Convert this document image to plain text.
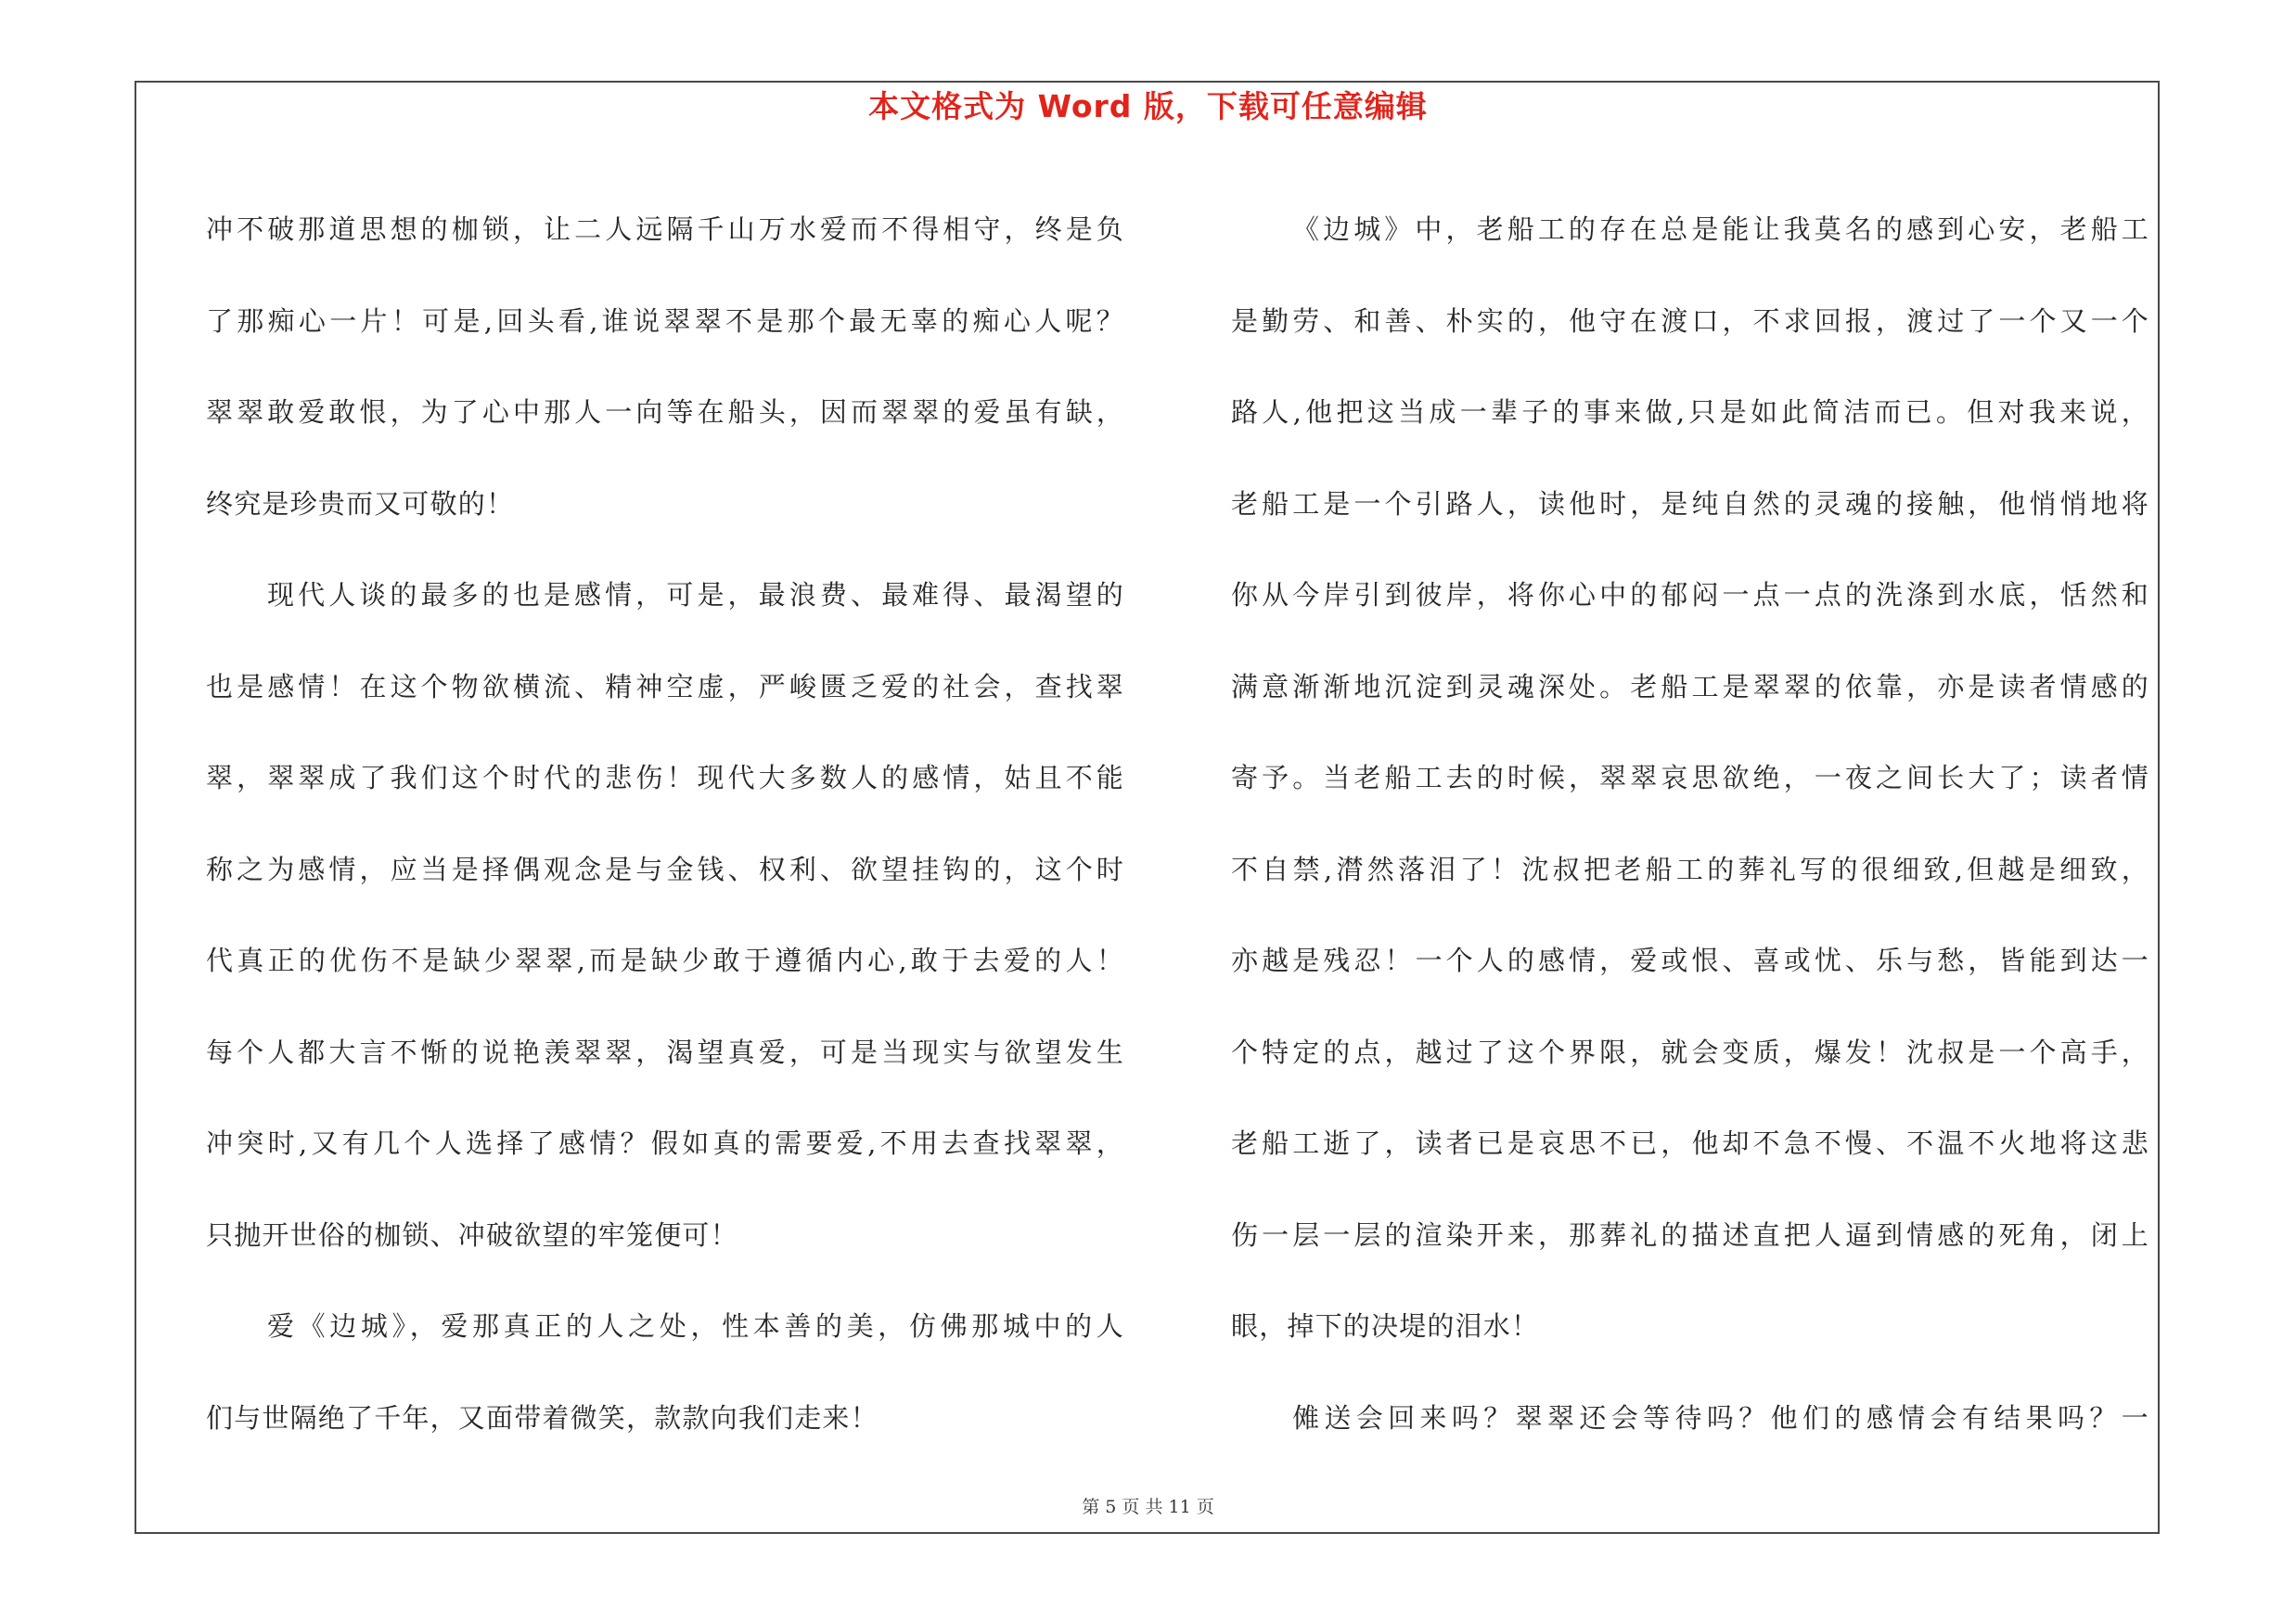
本文格式为 Word 版，下载可任意编辑
冲不破那道思想的枷锁，让二人远隔千山万水爱而不得相守，终是负
了那痴心一片！可是,回头看,谁说翠翠不是那个最无辜的痴心人呢？
翠翠敢爱敢恨，为了心中那人一向等在船头，因而翠翠的爱虽有缺，
终究是珍贵而又可敬的！
现代人谈的最多的也是感情，可是，最浪费、最难得、最渴望的
也是感情！在这个物欲横流、精神空虚，严峻匮乏爱的社会，查找翠
翠，翠翠成了我们这个时代的悲伤！现代大多数人的感情，姑且不能
称之为感情，应当是择偶观念是与金钱、权利、欲望挂钩的，这个时
代真正的优伤不是缺少翠翠,而是缺少敢于遵循内心,敢于去爱的人！
每个人都大言不惭的说艳羡翠翠，渴望真爱，可是当现实与欲望发生
冲突时,又有几个人选择了感情？假如真的需要爱,不用去查找翠翠，
只抛开世俗的枷锁、冲破欲望的牢笼便可！
爱《边城》，爱那真正的人之处，性本善的美，仿佛那城中的人
们与世隔绝了千年，又面带着微笑，款款向我们走来！
《边城》中，老船工的存在总是能让我莫名的感到心安，老船工
是勤劳、和善、朴实的，他守在渡口，不求回报，渡过了一个又一个
路人,他把这当成一辈子的事来做,只是如此简洁而已。但对我来说，
老船工是一个引路人，读他时，是纯自然的灵魂的接触，他悄悄地将
你从今岸引到彼岸，将你心中的郁闷一点一点的洗涤到水底，恬然和
满意渐渐地沉淀到灵魂深处。老船工是翠翠的依靠，亦是读者情感的
寄予。当老船工去的时候，翠翠哀思欲绝，一夜之间长大了；读者情
不自禁,潸然落泪了！沈叔把老船工的葬礼写的很细致,但越是细致，
亦越是残忍！一个人的感情，爱或恨、喜或忧、乐与愁，皆能到达一
个特定的点，越过了这个界限，就会变质，爆发！沈叔是一个高手，
老船工逝了，读者已是哀思不已，他却不急不慢、不温不火地将这悲
伤一层一层的渲染开来，那葬礼的描述直把人逼到情感的死角，闭上
眼，掉下的决堤的泪水！
傩送会回来吗？翠翠还会等待吗？他们的感情会有结果吗？一
第 5 页 共 11 页
